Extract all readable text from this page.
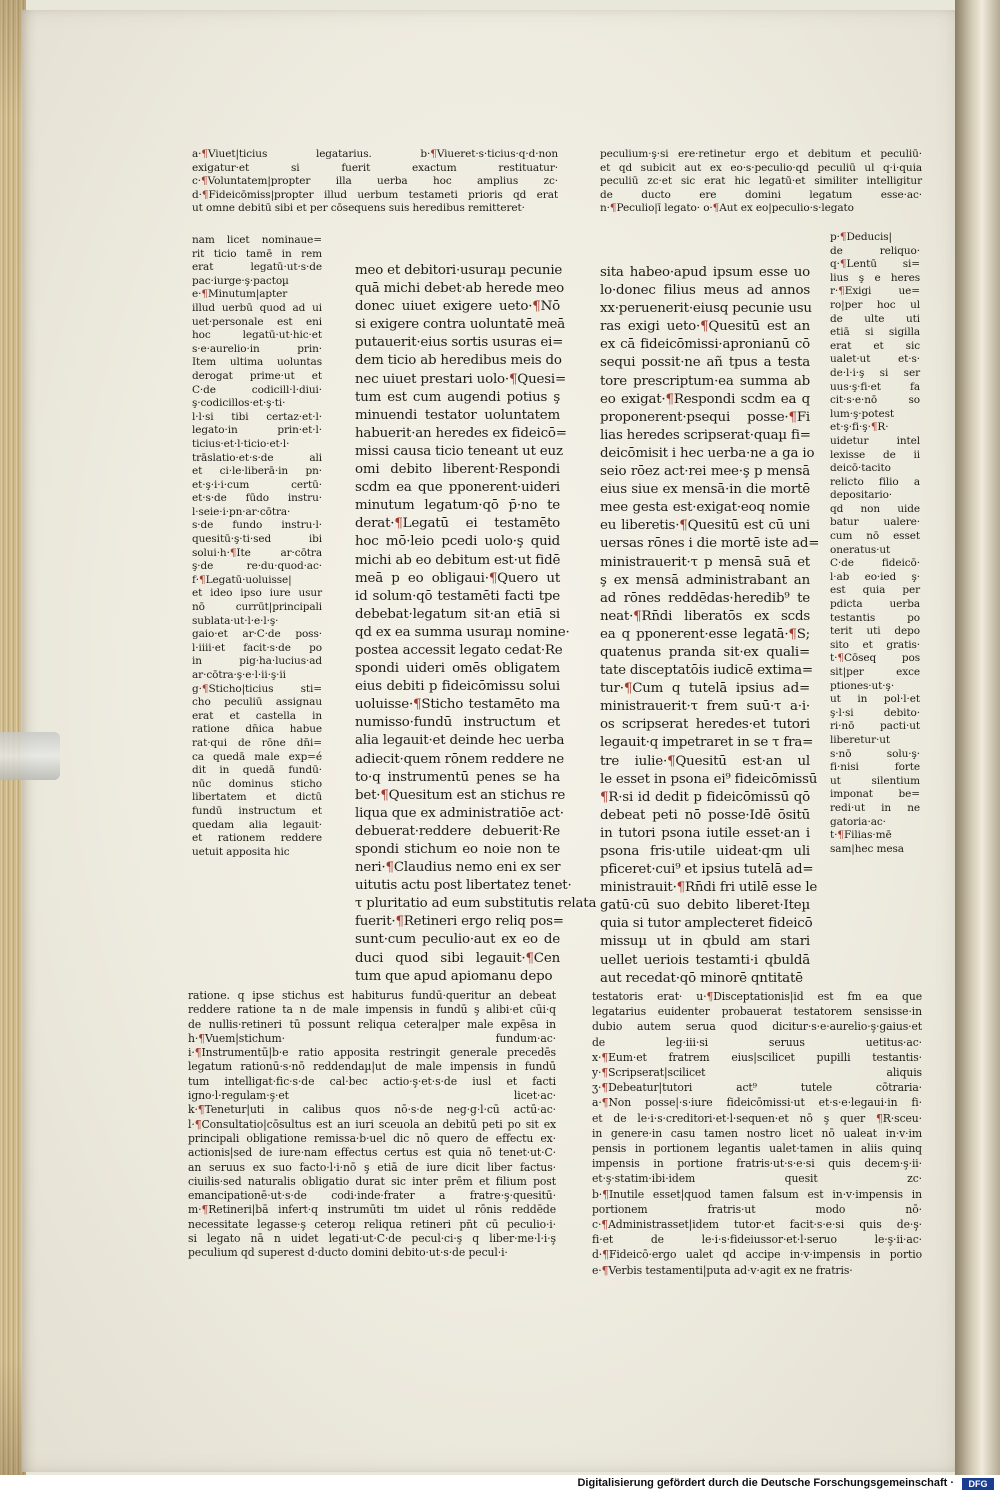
a·¶Viuet|ticius legatarius. b·¶Viueret·s·ticius·q·d·non
exigatur·et si fuerit exactum restituatur·
c·¶Voluntatem|propter illa uerba hoc amplius zc·
d·¶Fideicōmiss|propter illud uerbum testameti prioris qd erat
ut omne debitū sibi et per cōsequens suis heredibus remitteret·
nam licet nominaue=
rit ticio tamē in rem
erat legatū·ut·s·de
pac·iurge·ş·pactoµ
e·¶Minutum|apter
illud uerbū quod ad ui
uet·personale est eni
hoc legatū·ut·hic·et
s·e·aurelio·in prin·
Item ultima uoluntas
derogat prime·ut et
C·de codicill·l·diui·
ş·codicillos·et·ş·ti·
l·l·si tibi certaz·et·l·
legato·in prin·et·l·
ticius·et·l·ticio·et·l·
trāslatio·et·s·de ali
et ci·le·liberā·in pn·
et·ş·i·i·cum certū·
et·s·de fūdo instru·
l·seie·i·pn·ar·cōtra·
s·de fundo instru·l·
quesitū·ş·ti·sed ibi
solui·h·¶Ite ar·cōtra
ş·de re·du·quod·ac·
f·¶Legatū·uoluisse|
et ideo ipso iure usur
nō currūt|principali
sublata·ut·l·e·l·ş·
gaio·et ar·C·de poss·
l·iiii·et facit·s·de po
in pig·ha·lucius·ad
ar·cōtra·ş·e·l·ii·ş·ii
g·¶Sticho|ticius sti=
cho peculiū assignau
erat et castella in
ratione dn̄ica habue
rat·qui de rōne dn̄i=
ca quedā male exp=é
dit in quedā fundū·
nūc dominus sticho
libertatem et dictū
fundū instructum et
quedam alia legauit·
et rationem reddere
uetuit apposita hic
meo et debitori·usuraµ pecunie
quā michi debet·ab herede meo
donec uiuet exigere ueto·¶Nō
si exigere contra uoluntatē meā
putauerit·eius sortis usuras ei=
dem ticio ab heredibus meis do
nec uiuet prestari uolo·¶Quesi=
tum est cum augendi potius ş
minuendi testator uoluntatem
habuerit·an heredes ex fideicō=
missi causa ticio teneant ut euz
omi debito liberent·Respondi
scdm ea que pponerent·uideri
minutum legatum·qō p̄·no te
derat·¶Legatū ei testamēto
hoc mō·leio pcedi uolo·ş quid
michi ab eo debitum est·ut fidē
meā p eo obligaui·¶Quero ut
id solum·qō testamēti facti tpe
debebat·legatum sit·an etiā si
qd ex ea summa usuraµ nomine·
postea accessit legato cedat·Re
spondi uideri omēs obligatem
eius debiti p fideicōmissu solui
uoluisse·¶Sticho testamēto ma
numisso·fundū instructum et
alia legauit·et deinde hec uerba
adiecit·quem rōnem reddere ne
to·q instrumentū penes se ha
bet·¶Quesitum est an stichus re
liqua que ex administratiōe act·
debuerat·reddere debuerit·Re
spondi stichum eo noie non te
neri·¶Claudius nemo eni ex ser
uitutis actu post libertatez tenet·
τ pluritatio ad eum substitutis relata
fuerit·¶Retineri ergo reliq pos=
sunt·cum peculio·aut ex eo de
duci quod sibi legauit·¶Cen
tum que apud apiomanu depo
ratione. q ipse stichus est habiturus fundū·queritur an debeat
reddere ratione ta n de male impensis in fundū ş alibi·et cūi·q
de nullis·retineri tū possunt reliqua cetera|per male expēsa in
h·¶Vuem|stichum· fundum·ac·
i·¶Instrumentū|b·e ratio apposita restringit generale precedēs
legatum rationū·s·nō reddendaµ|ut de male impensis in fundū
tum intelligat·fic·s·de cal·bec actio·ş·et·s·de iusl et facti
igno·l·regulam·ş·et licet·ac·
k·¶Tenetur|uti in calibus quos nō·s·de neg·g·l·cū actū·ac·
l·¶Consultatio|cōsultus est an iuri sceuola an debitū peti po sit ex
principali obligatione remissa·b·uel dic nō quero de effectu ex·
actionis|sed de iure·nam effectus certus est quia nō tenet·ut·C·
an seruus ex suo facto·l·i·nō ş etiā de iure dicit liber factus·
ciuilis·sed naturalis obligatio durat sic inter prēm et filium post
emancipationē·ut·s·de codi·inde·frater a fratre·ş·quesitū·
m·¶Retineri|bā infert·q instrumūti tm uidet ul rōnis reddēde
necessitate legasse·ş ceteroµ reliqua retineri pn̄t cū peculio·i·
si legato nā n uidet legati·ut·C·de pecul·ci·ş q liber·me·l·i·ş
peculium qd superest d·ducto domini debito·ut·s·de pecul·i·
peculium·ş·si ere·retinetur ergo et debitum et peculiū·
et qd subicit aut ex eo·s·peculio·qd peculiū ul q·i·quia
peculiū zc·et sic erat hic legatū·et similiter intelligitur
de ducto ere domini legatum esse·ac·
n·¶Peculio|ī legato· o·¶Aut ex eo|peculio·s·legato
sita habeo·apud ipsum esse uo
lo·donec filius meus ad annos
xx·peruenerit·eiusq pecunie usu
ras exigi ueto·¶Quesitū est an
ex cā fideicōmissi·apronianū cō
sequi possit·ne añ tpus a testa
tore prescriptum·ea summa ab
eo exigat·¶Respondi scdm ea q
proponerent·psequi posse·¶Fi
lias heredes scripserat·quaµ fi=
deicōmisit i hec uerba·ne a ga io
seio rōez act·rei mee·ş p mensā
eius siue ex mensā·in die mortē
mee gesta est·exigat·eoq nomie
eu liberetis·¶Quesitū est cū uni
uersas rōnes i die mortē iste ad=
ministrauerit·τ p mensā suā et
ş ex mensā administrabant an
ad rōnes reddēdas·heredib⁹ te
neat·¶Rn̄di liberatōs ex scds
ea q pponerent·esse legatā·¶S;
quatenus pranda sit·ex quali=
tate disceptatōis iudicē extima=
tur·¶Cum q tutelā ipsius ad=
ministrauerit·τ frem suū·τ a·i·
os scripserat heredes·et tutori
legauit·q impetraret in se τ fra=
tre iulie·¶Quesitū est·an ul
le esset in psona ei⁹ fideicōmissū
¶R·si id dedit p fideicōmissū qō
debeat peti nō posse·Idē ōsitū
in tutori psona iutile esset·an i
psona fris·utile uideat·qm uli
pficeret·cui⁹ et ipsius tutelā ad=
ministrauit·¶Rn̄di fri utilē esse le
gatū·cū suo debito liberet·Iteµ
quia si tutor amplecteret fideicō
missuµ ut in qbuld am stari
uellet ueriois testamti·i qbuldā
aut recedat·qō minorē qntitatē
p·¶Deducis|
de reliquo·
q·¶Lentū si=
lius ş e heres
r·¶Exigi ue=
ro|per hoc ul
de ulte uti
etiā si sigilla
erat et sic
ualet·ut et·s·
de·l·i·ş si ser
uus·ş·fi·et fa
cit·s·e·nō so
lum·ş·potest
et·ş·fi·ş·¶R·
uidetur intel
lexisse de ii
deicō·tacito
relicto filio a
depositario·
qd non uide
batur ualere·
cum nō esset
oneratus·ut
C·de fideicō·
l·ab eo·ied ş·
est quia per
pdicta uerba
testantis po
terit uti depo
sito et gratis·
t·¶Cōseq pos
sit|per exce
ptiones·ut·ş·
ut in pol·l·et
ş·l·si debito·
ri·nō pacti·ut
liberetur·ut
s·nō solu·ş·
fi·nisi forte
ut silentium
imponat be=
redi·ut in ne
gatoria·ac·
t·¶Filias·mē
sam|hec mesa
testatoris erat· u·¶Disceptationis|id est fm ea que
legatarius euidenter probauerat testatorem sensisse·in
dubio autem serua quod dicitur·s·e·aurelio·ş·gaius·et
de leg·iii·si seruus uetitus·ac·
x·¶Eum·et fratrem eius|scilicet pupilli testantis·
y·¶Scripserat|scilicet aliquis
ʒ·¶Debeatur|tutori act⁹ tutele cōtraria·
a·¶Non posse|·s·iure fideicōmissi·ut et·s·e·legaui·in fi·
et de le·i·s·creditori·et·l·sequen·et nō ş quer ¶R·sceu·
in genere·in casu tamen nostro licet nō ualeat in·v·im
pensis in portionem legantis ualet·tamen in aliis quinq
impensis in portione fratris·ut·s·e·si quis decem·ş·ii·
et·ş·statim·ibi·idem quesit zc·
b·¶Inutile esset|quod tamen falsum est in·v·impensis in
portionem fratris·ut modo nō·
c·¶Administrasset|idem tutor·et facit·s·e·si quis de·ş·
fi·et de le·i·s·fideiussor·et·l·seruo le·ş·ii·ac·
d·¶Fideicō·ergo ualet qd accipe in·v·impensis in portio
e·¶Verbis testamenti|puta ad·v·agit ex ne fratris·
Digitalisierung gefördert durch die Deutsche Forschungsgemeinschaft ·	DFG
